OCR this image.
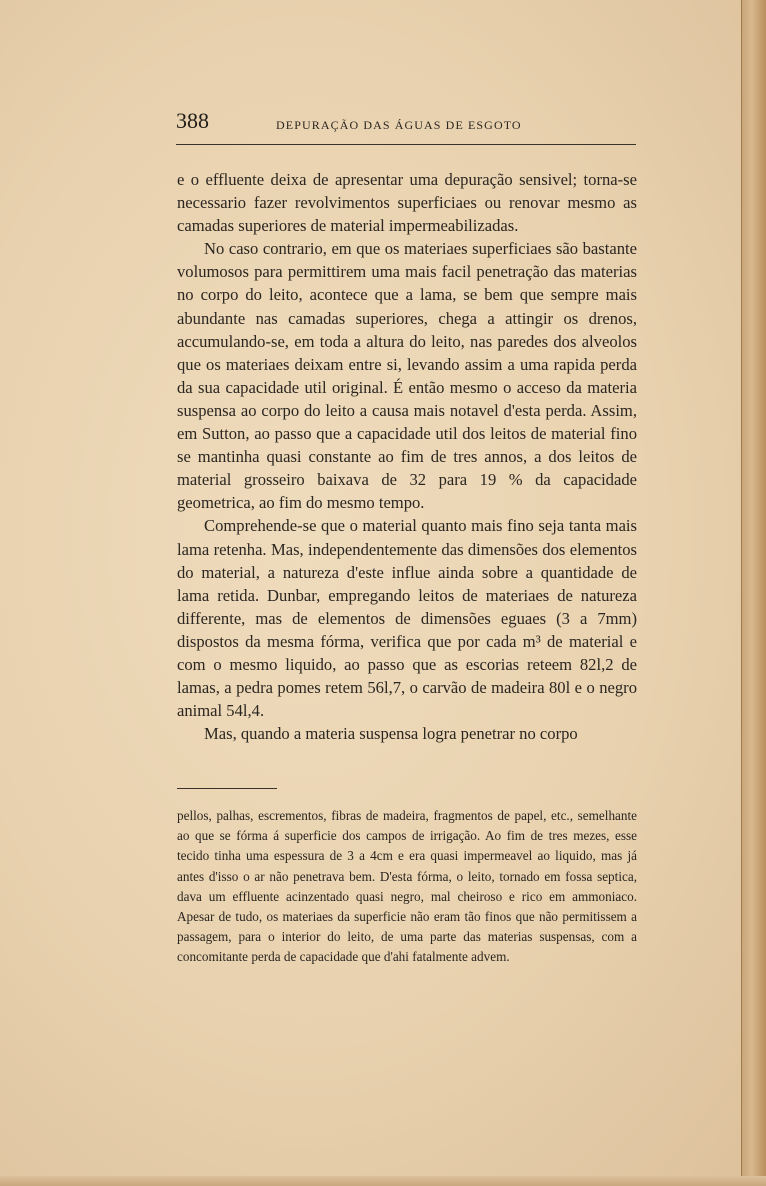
388	DEPURAÇÃO DAS ÁGUAS DE ESGOTO

e o effluente deixa de apresentar uma depuração sensivel; torna-se necessario fazer revolvimentos superficiaes ou renovar mesmo as camadas superiores de material impermeabilizadas.

No caso contrario, em que os materiaes superficiaes são bastante volumosos para permittirem uma mais facil penetração das materias no corpo do leito, acontece que a lama, se bem que sempre mais abundante nas camadas superiores, chega a attingir os drenos, accumulando-se, em toda a altura do leito, nas paredes dos alveolos que os materiaes deixam entre si, levando assim a uma rapida perda da sua capacidade util original. É então mesmo o acceso da materia suspensa ao corpo do leito a causa mais notavel d'esta perda. Assim, em Sutton, ao passo que a capacidade util dos leitos de material fino se mantinha quasi constante ao fim de tres annos, a dos leitos de material grosseiro baixava de 32 para 19 % da capacidade geometrica, ao fim do mesmo tempo.

Comprehende-se que o material quanto mais fino seja tanta mais lama retenha. Mas, independentemente das dimensões dos elementos do material, a natureza d'este influe ainda sobre a quantidade de lama retida. Dunbar, empregando leitos de materiaes de natureza differente, mas de elementos de dimensões eguaes (3 a 7mm) dispostos da mesma fórma, verifica que por cada m³ de material e com o mesmo liquido, ao passo que as escorias reteem 82l,2 de lamas, a pedra pomes retem 56l,7, o carvão de madeira 80l e o negro animal 54l,4.

Mas, quando a materia suspensa logra penetrar no corpo

pellos, palhas, escrementos, fibras de madeira, fragmentos de papel, etc., semelhante ao que se fórma á superficie dos campos de irrigação. Ao fim de tres mezes, esse tecido tinha uma espessura de 3 a 4cm e era quasi impermeavel ao liquido, mas já antes d'isso o ar não penetrava bem. D'esta fórma, o leito, tornado em fossa septica, dava um effluente acinzentado quasi negro, mal cheiroso e rico em ammoniaco. Apesar de tudo, os materiaes da superficie não eram tão finos que não permitissem a passagem, para o interior do leito, de uma parte das materias suspensas, com a concomitante perda de capacidade que d'ahi fatalmente advem.
